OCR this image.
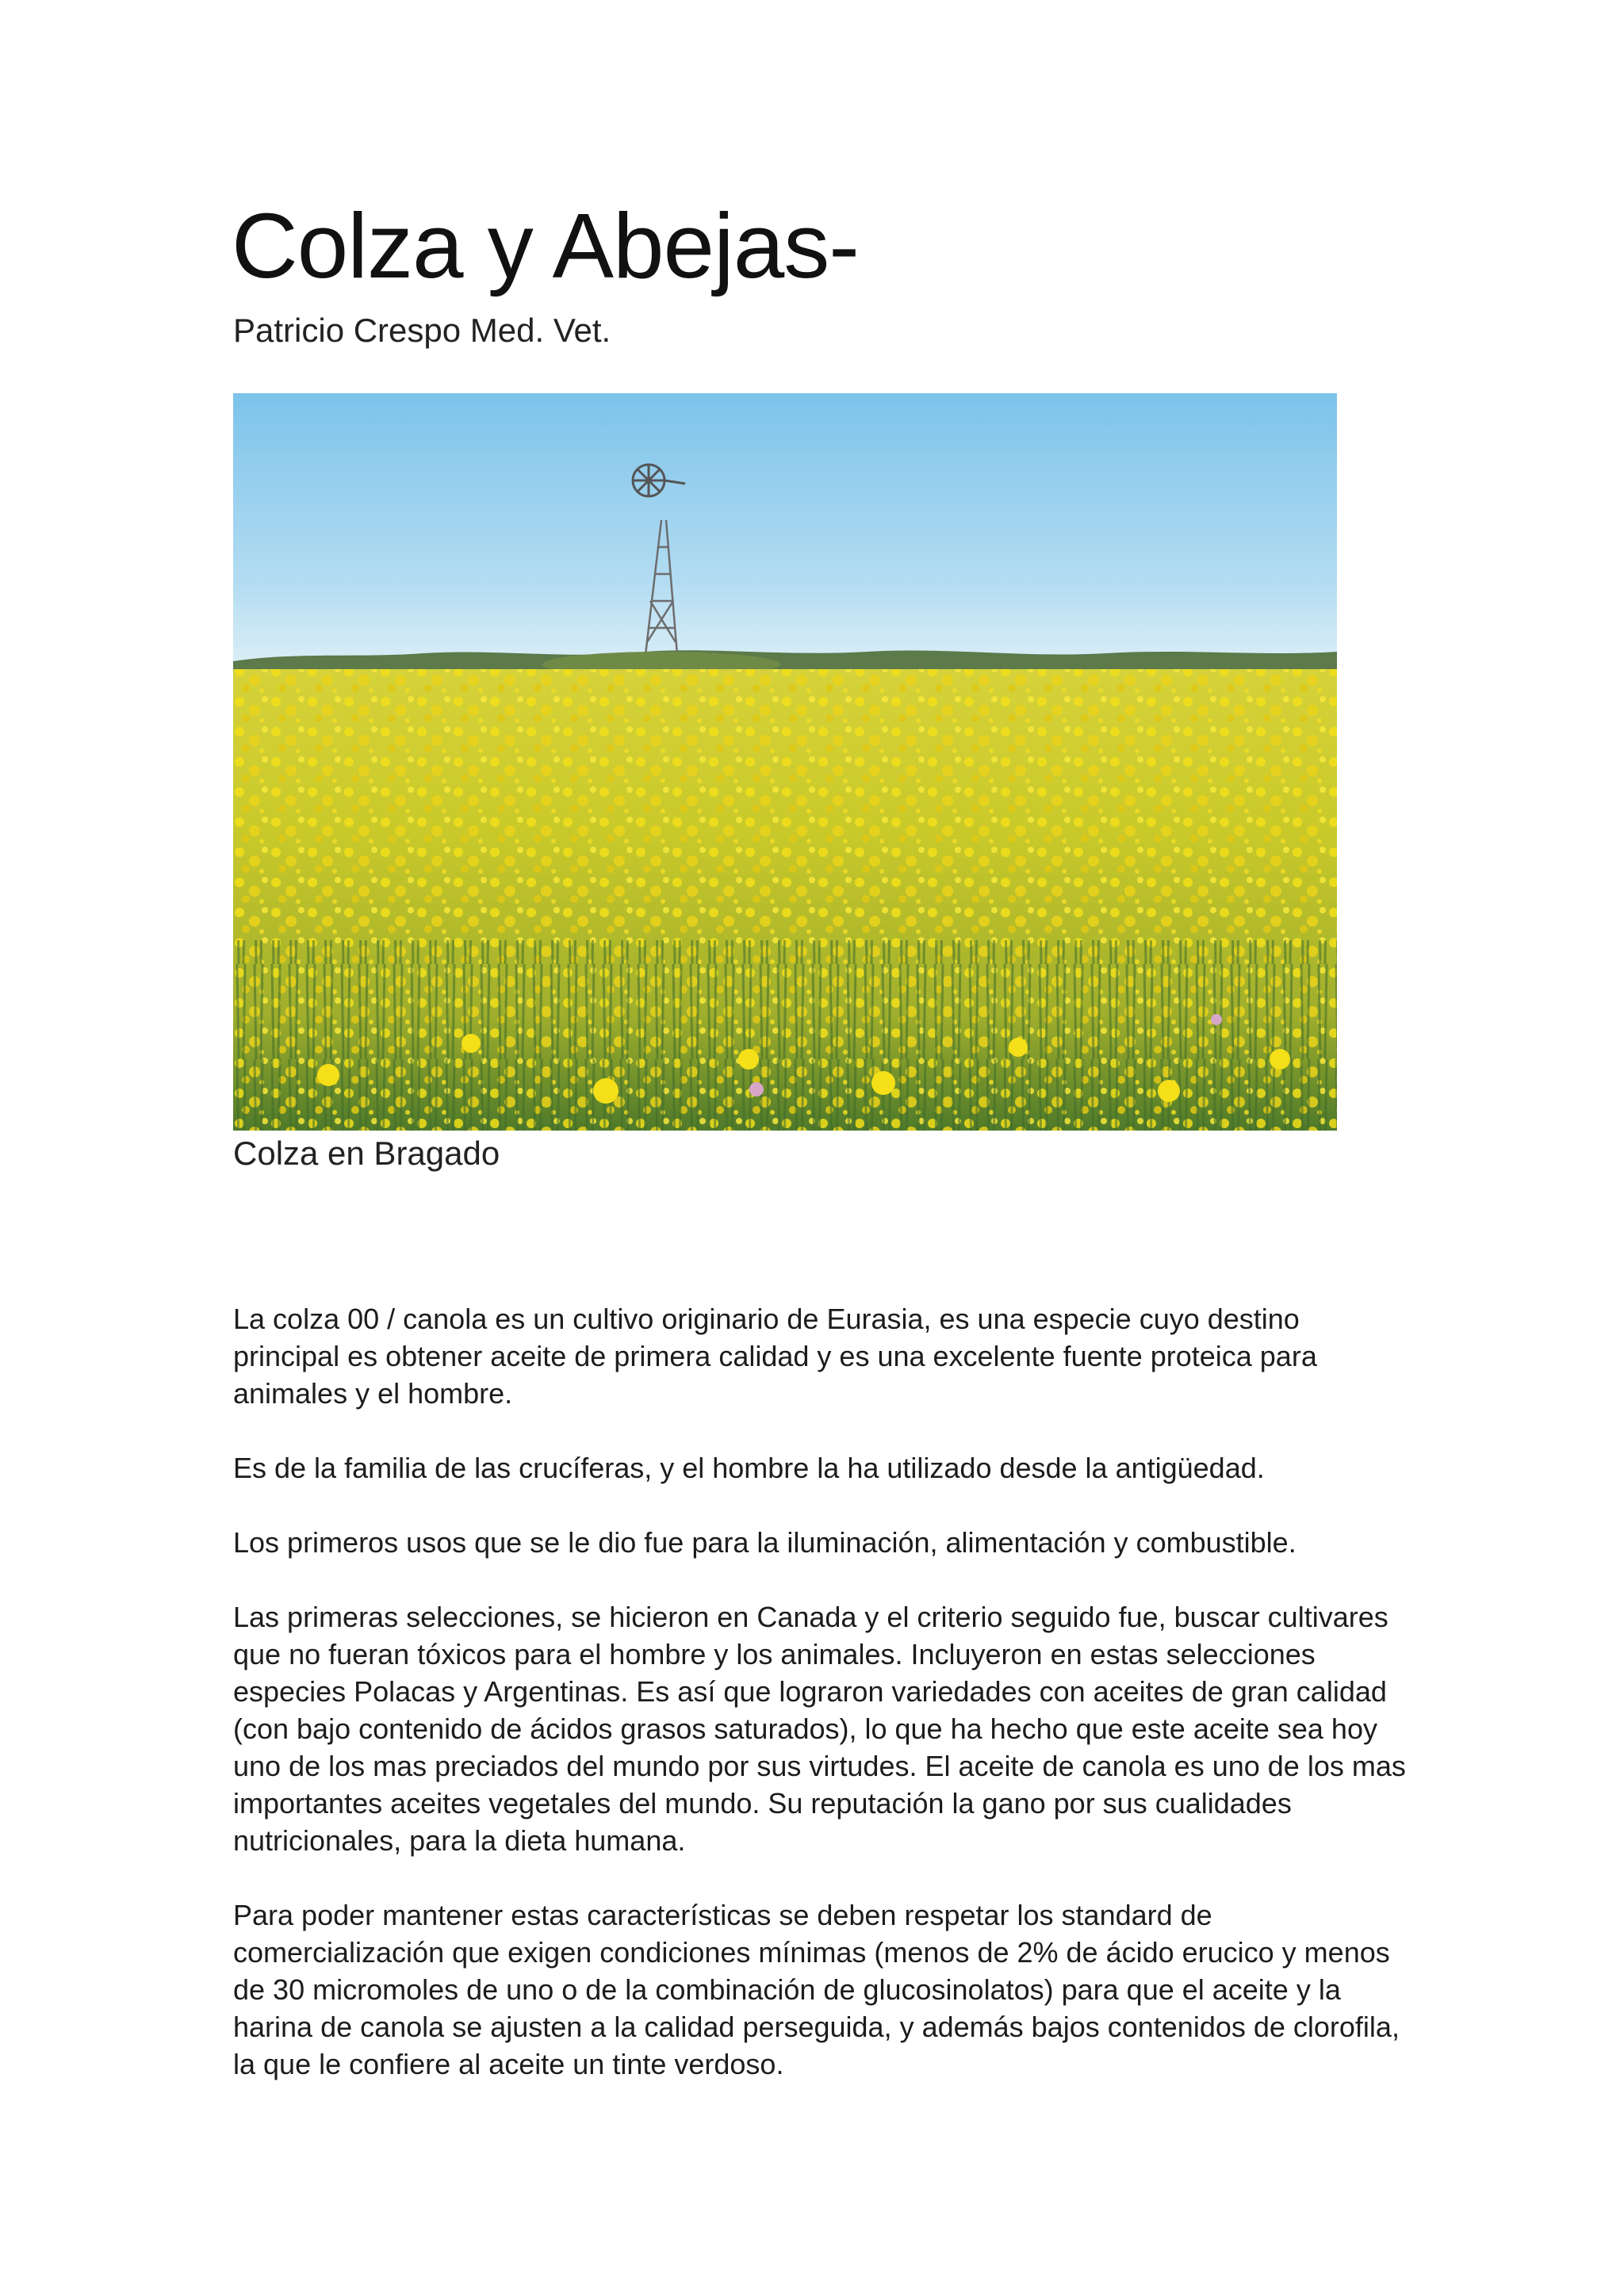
Colza y Abejas-

Patricio Crespo Med. Vet.

Colza en Bragado

La colza 00 / canola es un cultivo originario de Eurasia, es una especie cuyo destino principal es obtener aceite de primera calidad y es una excelente fuente proteica para animales y el hombre.

Es de la familia de las crucíferas, y el hombre la ha utilizado desde la antigüedad.

Los primeros usos que se le dio fue para la iluminación, alimentación y combustible.

Las primeras selecciones, se hicieron en Canada y el criterio seguido fue, buscar cultivares que no fueran tóxicos para el hombre y los animales. Incluyeron en estas selecciones especies Polacas y Argentinas. Es así que lograron variedades con aceites de gran calidad (con bajo contenido de ácidos grasos saturados), lo que ha hecho que este aceite sea hoy uno de los mas preciados del mundo por sus virtudes. El aceite de canola es uno de los mas importantes aceites vegetales del mundo. Su reputación la gano por sus cualidades nutricionales, para la dieta humana.

Para poder mantener estas características se deben respetar los standard de comercialización que exigen condiciones mínimas (menos de 2% de ácido erucico y menos de 30 micromoles de uno o de la combinación de glucosinolatos) para que el aceite y la harina de canola se ajusten a la calidad perseguida, y además bajos contenidos de clorofila, la que le confiere al aceite un tinte verdoso.
